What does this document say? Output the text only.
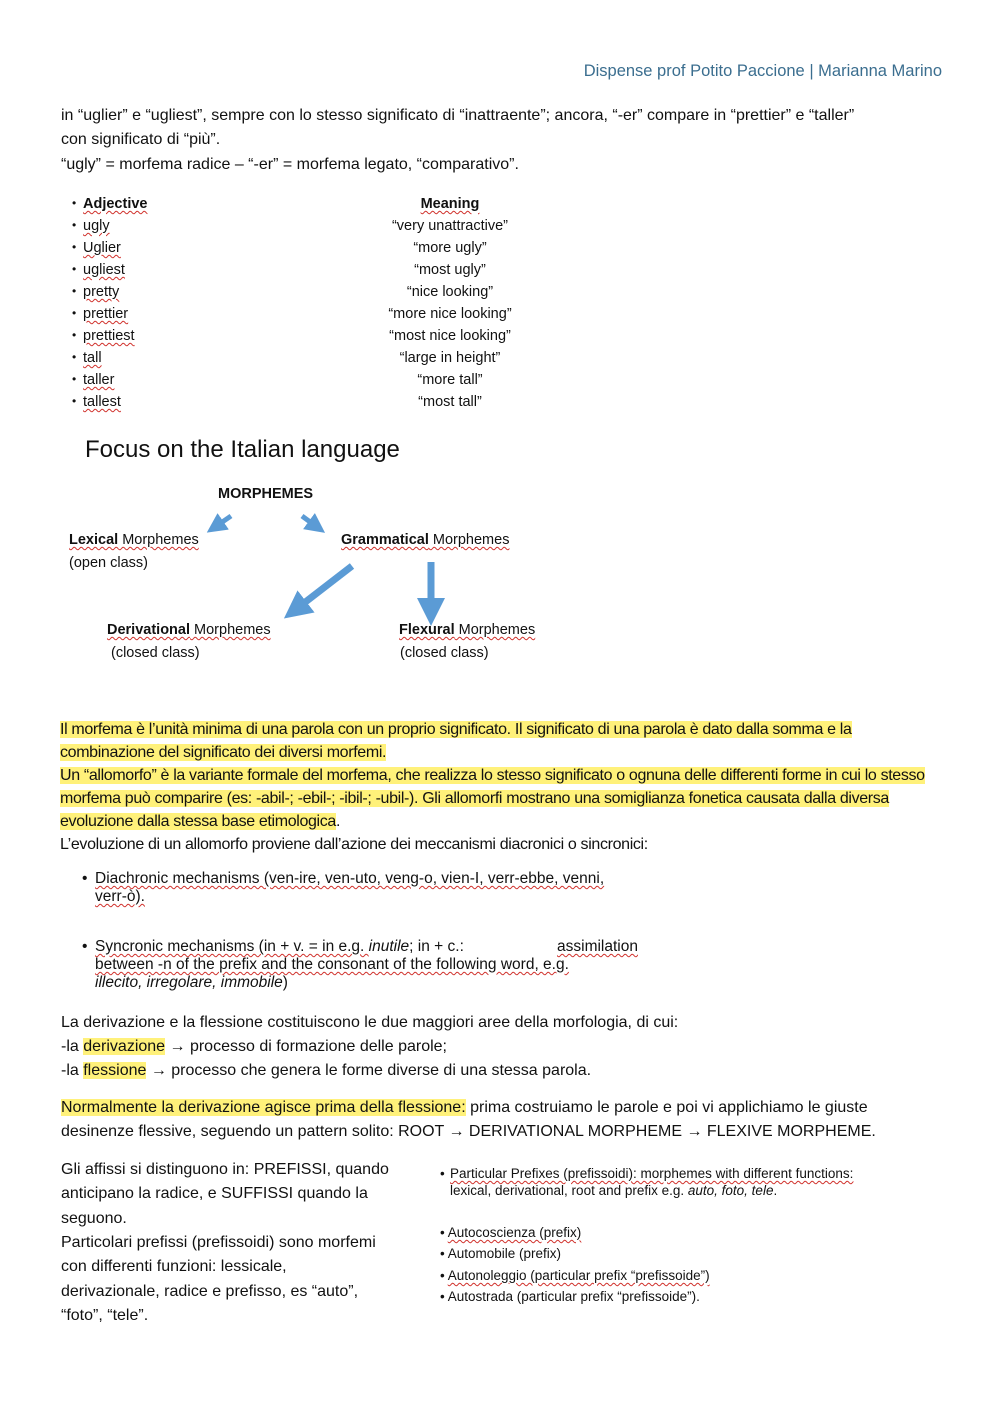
Dispense prof Potito Paccione | Marianna Marino
in “uglier” e “ugliest”, sempre con lo stesso significato di “inattraente”; ancora, “-er” compare in “prettier” e “taller”
con significato di “più”.
“ugly” = morfema radice – “-er” = morfema legato, “comparativo”.
• Adjective	Meaning
• ugly	“very unattractive”
• Uglier	“more ugly”
• ugliest	“most ugly”
• pretty	“nice looking”
• prettier	“more nice looking”
• prettiest	“most nice looking”
• tall	“large in height”
• taller	“more tall”
• tallest	“most tall”
Focus on the Italian language
MORPHEMES
Lexical Morphemes
(open class)
Grammatical Morphemes
Derivational Morphemes
(closed class)
Flexural Morphemes
(closed class)
Il morfema è l’unità minima di una parola con un proprio significato. Il significato di una parola è dato dalla somma e la
combinazione del significato dei diversi morfemi.
Un “allomorfo” è la variante formale del morfema, che realizza lo stesso significato o ognuna delle differenti forme in cui lo stesso
morfema può comparire (es: -abil-; -ebil-; -ibil-; -ubil-). Gli allomorfi mostrano una somiglianza fonetica causata dalla diversa
evoluzione dalla stessa base etimologica.
L’evoluzione di un allomorfo proviene dall’azione dei meccanismi diacronici o sincronici:
• Diachronic mechanisms (ven-ire, ven-uto, veng-o, vien-I, verr-ebbe, venni,
verr-ò).
• Syncronic mechanisms (in + v. = in e.g. inutile; in + c.:	assimilation
between -n of the prefix and the consonant of the following word, e.g.
illecito, irregolare, immobile)
La derivazione e la flessione costituiscono le due maggiori aree della morfologia, di cui:
-la derivazione → processo di formazione delle parole;
-la flessione → processo che genera le forme diverse di una stessa parola.
Normalmente la derivazione agisce prima della flessione: prima costruiamo le parole e poi vi applichiamo le giuste
desinenze flessive, seguendo un pattern solito: ROOT → DERIVATIONAL MORPHEME → FLEXIVE MORPHEME.
Gli affissi si distinguono in: PREFISSI, quando
anticipano la radice, e SUFFISSI quando la
seguono.
Particolari prefissi (prefissoidi) sono morfemi
con differenti funzioni: lessicale,
derivazionale, radice e prefisso, es “auto”,
“foto”, “tele”.
• Particular Prefixes (prefissoidi): morphemes with different functions:
lexical, derivational, root and prefix e.g. auto, foto, tele.
• Autocoscienza (prefix)
• Automobile (prefix)
• Autonoleggio (particular prefix “prefissoide”)
• Autostrada (particular prefix “prefissoide”).
